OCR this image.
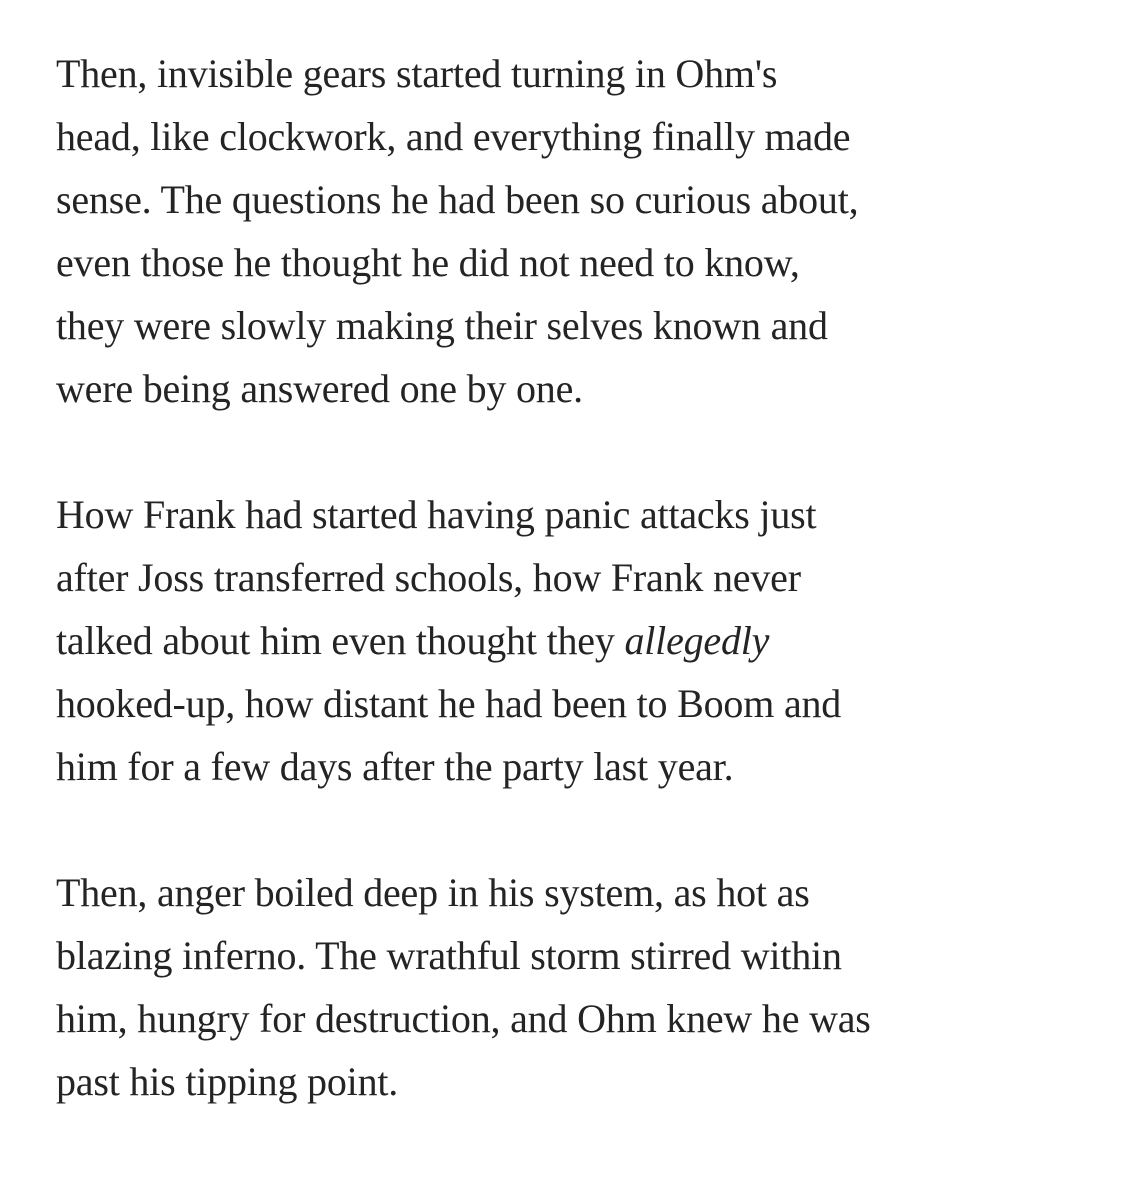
Then, invisible gears started turning in Ohm's
head, like clockwork, and everything finally made
sense. The questions he had been so curious about,
even those he thought he did not need to know,
they were slowly making their selves known and
were being answered one by one.

How Frank had started having panic attacks just
after Joss transferred schools, how Frank never
talked about him even thought they allegedly
hooked-up, how distant he had been to Boom and
him for a few days after the party last year.

Then, anger boiled deep in his system, as hot as
blazing inferno. The wrathful storm stirred within
him, hungry for destruction, and Ohm knew he was
past his tipping point.
